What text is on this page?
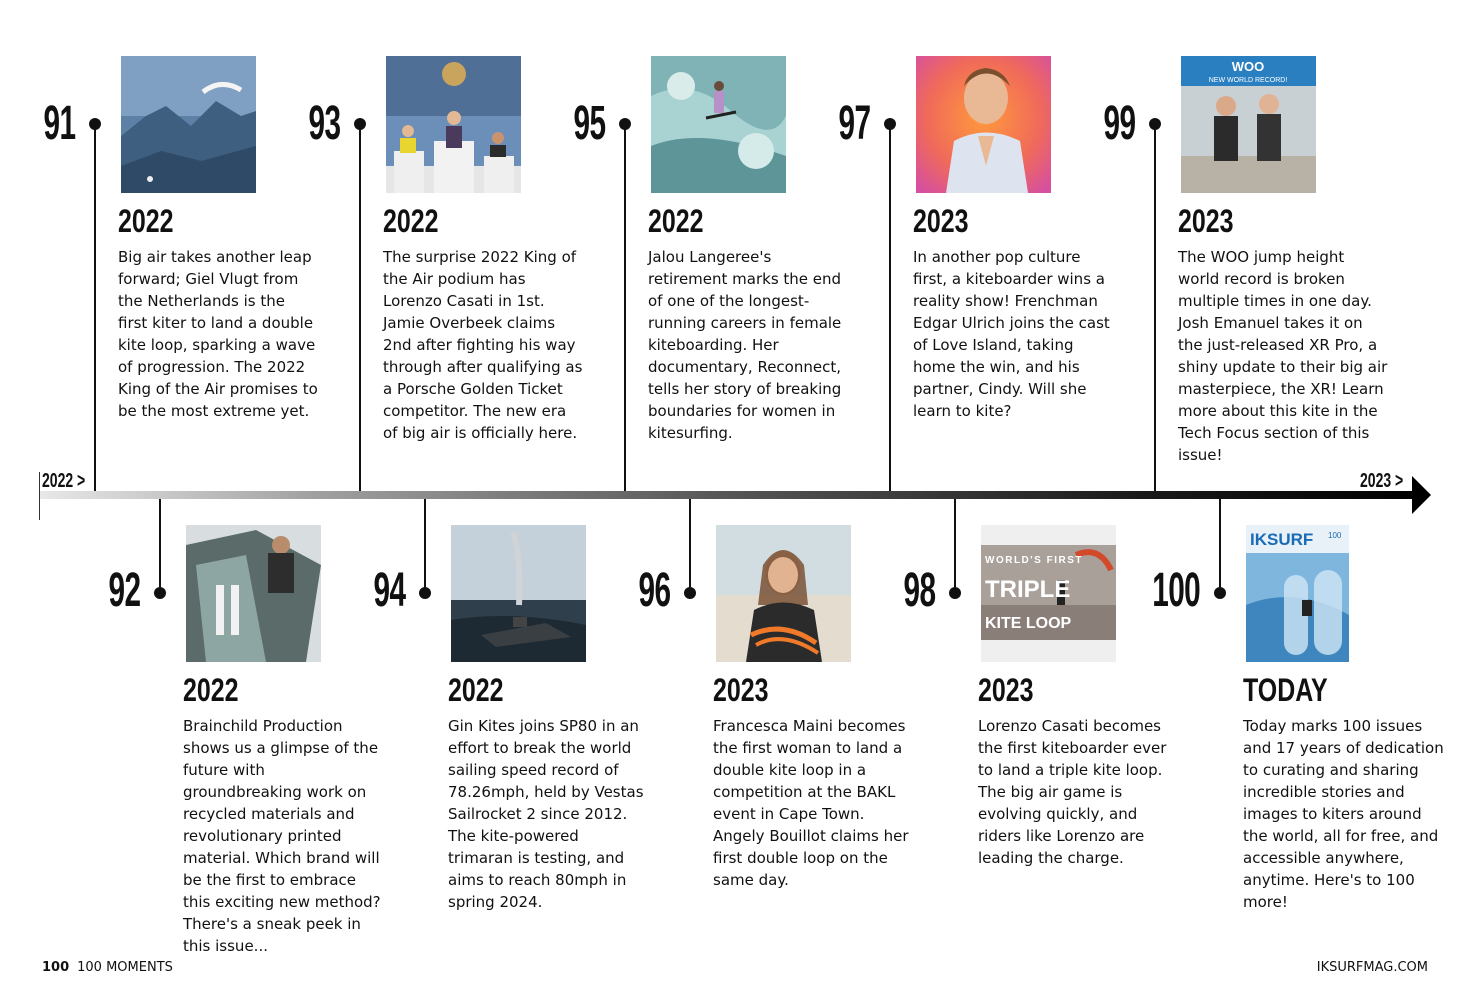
2022 >	2023 >
91
2022

Big air takes another leap forward; Giel Vlugt from the Netherlands is the first kiter to land a double kite loop, sparking a wave of progression. The 2022 King of the Air promises to be the most extreme yet.

93
2022

The surprise 2022 King of the Air podium has Lorenzo Casati in 1st. Jamie Overbeek claims 2nd after fighting his way through after qualifying as a Porsche Golden Ticket competitor. The new era of big air is officially here.

95
2022

Jalou Langeree's retirement marks the end of one of the longest-running careers in female kiteboarding. Her documentary, Reconnect, tells her story of breaking boundaries for women in kitesurfing.

97
2023

In another pop culture first, a kiteboarder wins a reality show! Frenchman Edgar Ulrich joins the cast of Love Island, taking home the win, and his partner, Cindy. Will she learn to kite?

99
WOO
NEW WORLD RECORD!
2023

The WOO jump height world record is broken multiple times in one day. Josh Emanuel takes it on the just-released XR Pro, a shiny update to their big air masterpiece, the XR! Learn more about this kite in the Tech Focus section of this issue!

92
2022

Brainchild Production shows us a glimpse of the future with groundbreaking work on recycled materials and revolutionary printed material. Which brand will be the first to embrace this exciting new method? There's a sneak peek in this issue...

94
2022

Gin Kites joins SP80 in an effort to break the world sailing speed record of 78.26mph, held by Vestas Sailrocket 2 since 2012. The kite-powered trimaran is testing, and aims to reach 80mph in spring 2024.

96
2023

Francesca Maini becomes the first woman to land a double kite loop in a competition at the BAKL event in Cape Town. Angely Bouillot claims her first double loop on the same day.

98
WORLD'S FIRST
TRIPLE
KITE LOOP
2023

Lorenzo Casati becomes the first kiteboarder ever to land a triple kite loop. The big air game is evolving quickly, and riders like Lorenzo are leading the charge.

100
IKSURF 100
TODAY

Today marks 100 issues and 17 years of dedication to curating and sharing incredible stories and images to kiters around the world, all for free, and accessible anywhere, anytime. Here's to 100 more!

100 100 MOMENTS	IKSURFMAG.COM
